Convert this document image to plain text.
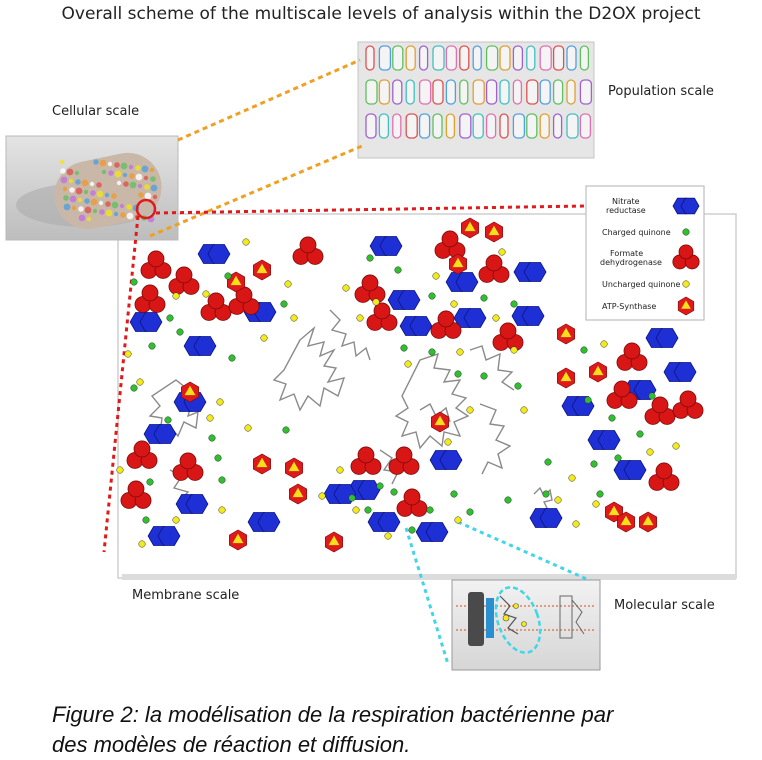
Overall scheme of the multiscale levels of analysis within the D2OX project
Nitrate reductase
Charged quinone
Formate dehydrogenase
Uncharged quinone
ATP-Synthase
Cellular scale
Population scale
Membrane scale
Molecular scale
Figure 2: la modélisation de la respiration bactérienne par
des modèles de réaction et diffusion.
